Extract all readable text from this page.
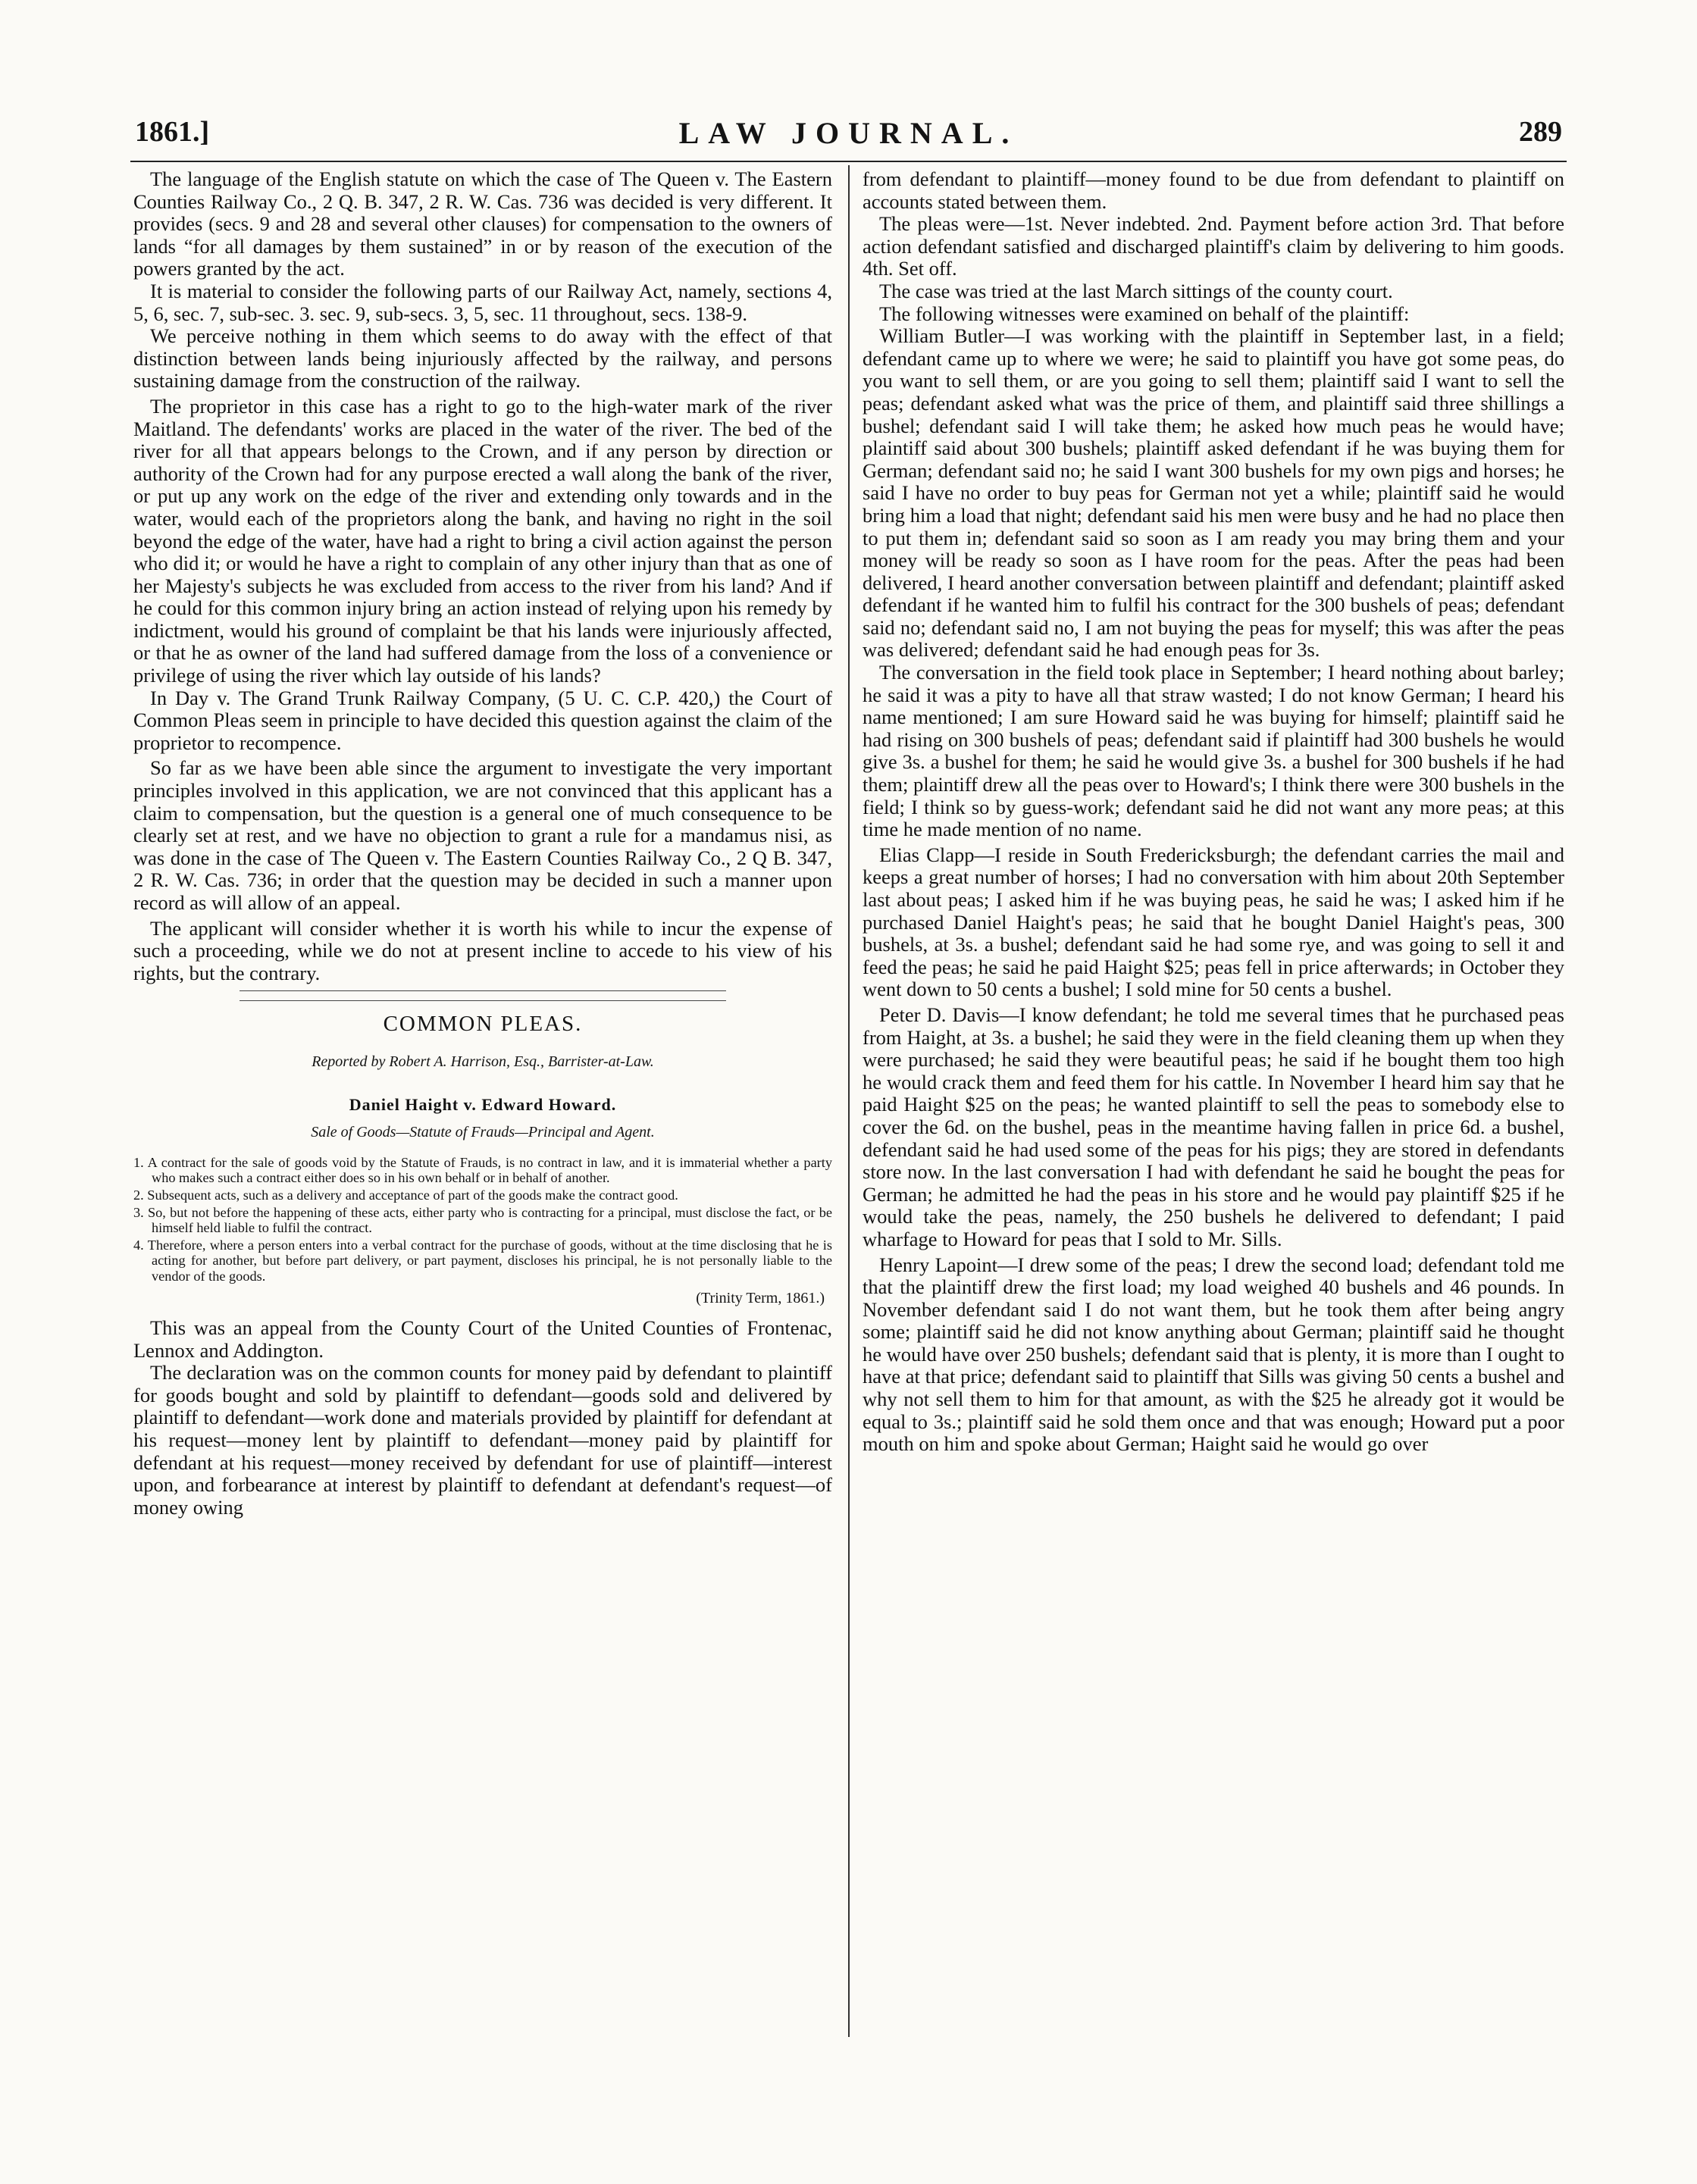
1861.]	LAW JOURNAL.	289

The language of the English statute on which the case of The Queen v. The Eastern Counties Railway Co., 2 Q. B. 347, 2 R. W. Cas. 736 was decided is very different. It provides (secs. 9 and 28 and several other clauses) for compensation to the owners of lands “for all damages by them sustained” in or by reason of the execution of the powers granted by the act.

It is material to consider the following parts of our Railway Act, namely, sections 4, 5, 6, sec. 7, sub-sec. 3. sec. 9, sub-secs. 3, 5, sec. 11 throughout, secs. 138-9.

We perceive nothing in them which seems to do away with the effect of that distinction between lands being injuriously affected by the railway, and persons sustaining damage from the construction of the railway.

The proprietor in this case has a right to go to the high-water mark of the river Maitland. The defendants' works are placed in the water of the river. The bed of the river for all that appears belongs to the Crown, and if any person by direction or authority of the Crown had for any purpose erected a wall along the bank of the river, or put up any work on the edge of the river and extending only towards and in the water, would each of the proprietors along the bank, and having no right in the soil beyond the edge of the water, have had a right to bring a civil action against the person who did it; or would he have a right to complain of any other injury than that as one of her Majesty's subjects he was excluded from access to the river from his land? And if he could for this common injury bring an action instead of relying upon his remedy by indictment, would his ground of complaint be that his lands were injuriously affected, or that he as owner of the land had suffered damage from the loss of a convenience or privilege of using the river which lay outside of his lands?

In Day v. The Grand Trunk Railway Company, (5 U. C. C.P. 420,) the Court of Common Pleas seem in principle to have decided this question against the claim of the proprietor to recompence.

So far as we have been able since the argument to investigate the very important principles involved in this application, we are not convinced that this applicant has a claim to compensation, but the question is a general one of much consequence to be clearly set at rest, and we have no objection to grant a rule for a mandamus nisi, as was done in the case of The Queen v. The Eastern Counties Railway Co., 2 Q B. 347, 2 R. W. Cas. 736; in order that the question may be decided in such a manner upon record as will allow of an appeal.

The applicant will consider whether it is worth his while to incur the expense of such a proceeding, while we do not at present incline to accede to his view of his rights, but the contrary.

COMMON PLEAS.
Reported by Robert A. Harrison, Esq., Barrister-at-Law.
Daniel Haight v. Edward Howard.
Sale of Goods—Statute of Frauds—Principal and Agent.

1. A contract for the sale of goods void by the Statute of Frauds, is no contract in law, and it is immaterial whether a party who makes such a contract either does so in his own behalf or in behalf of another.

2. Subsequent acts, such as a delivery and acceptance of part of the goods make the contract good.

3. So, but not before the happening of these acts, either party who is contracting for a principal, must disclose the fact, or be himself held liable to fulfil the contract.

4. Therefore, where a person enters into a verbal contract for the purchase of goods, without at the time disclosing that he is acting for another, but before part delivery, or part payment, discloses his principal, he is not personally liable to the vendor of the goods.

(Trinity Term, 1861.)

This was an appeal from the County Court of the United Counties of Frontenac, Lennox and Addington.

The declaration was on the common counts for money paid by defendant to plaintiff for goods bought and sold by plaintiff to defendant—goods sold and delivered by plaintiff to defendant—work done and materials provided by plaintiff for defendant at his request—money lent by plaintiff to defendant—money paid by plaintiff for defendant at his request—money received by defendant for use of plaintiff—interest upon, and forbearance at interest by plaintiff to defendant at defendant's request—of money owing

from defendant to plaintiff—money found to be due from defendant to plaintiff on accounts stated between them.

The pleas were—1st. Never indebted. 2nd. Payment before action 3rd. That before action defendant satisfied and discharged plaintiff's claim by delivering to him goods. 4th. Set off.

The case was tried at the last March sittings of the county court.

The following witnesses were examined on behalf of the plaintiff:

William Butler—I was working with the plaintiff in September last, in a field; defendant came up to where we were; he said to plaintiff you have got some peas, do you want to sell them, or are you going to sell them; plaintiff said I want to sell the peas; defendant asked what was the price of them, and plaintiff said three shillings a bushel; defendant said I will take them; he asked how much peas he would have; plaintiff said about 300 bushels; plaintiff asked defendant if he was buying them for German; defendant said no; he said I want 300 bushels for my own pigs and horses; he said I have no order to buy peas for German not yet a while; plaintiff said he would bring him a load that night; defendant said his men were busy and he had no place then to put them in; defendant said so soon as I am ready you may bring them and your money will be ready so soon as I have room for the peas. After the peas had been delivered, I heard another conversation between plaintiff and defendant; plaintiff asked defendant if he wanted him to fulfil his contract for the 300 bushels of peas; defendant said no; defendant said no, I am not buying the peas for myself; this was after the peas was delivered; defendant said he had enough peas for 3s.

The conversation in the field took place in September; I heard nothing about barley; he said it was a pity to have all that straw wasted; I do not know German; I heard his name mentioned; I am sure Howard said he was buying for himself; plaintiff said he had rising on 300 bushels of peas; defendant said if plaintiff had 300 bushels he would give 3s. a bushel for them; he said he would give 3s. a bushel for 300 bushels if he had them; plaintiff drew all the peas over to Howard's; I think there were 300 bushels in the field; I think so by guess-work; defendant said he did not want any more peas; at this time he made mention of no name.

Elias Clapp—I reside in South Fredericksburgh; the defendant carries the mail and keeps a great number of horses; I had no conversation with him about 20th September last about peas; I asked him if he was buying peas, he said he was; I asked him if he purchased Daniel Haight's peas; he said that he bought Daniel Haight's peas, 300 bushels, at 3s. a bushel; defendant said he had some rye, and was going to sell it and feed the peas; he said he paid Haight $25; peas fell in price afterwards; in October they went down to 50 cents a bushel; I sold mine for 50 cents a bushel.

Peter D. Davis—I know defendant; he told me several times that he purchased peas from Haight, at 3s. a bushel; he said they were in the field cleaning them up when they were purchased; he said they were beautiful peas; he said if he bought them too high he would crack them and feed them for his cattle. In November I heard him say that he paid Haight $25 on the peas; he wanted plaintiff to sell the peas to somebody else to cover the 6d. on the bushel, peas in the meantime having fallen in price 6d. a bushel, defendant said he had used some of the peas for his pigs; they are stored in defendants store now. In the last conversation I had with defendant he said he bought the peas for German; he admitted he had the peas in his store and he would pay plaintiff $25 if he would take the peas, namely, the 250 bushels he delivered to defendant; I paid wharfage to Howard for peas that I sold to Mr. Sills.

Henry Lapoint—I drew some of the peas; I drew the second load; defendant told me that the plaintiff drew the first load; my load weighed 40 bushels and 46 pounds. In November defendant said I do not want them, but he took them after being angry some; plaintiff said he did not know anything about German; plaintiff said he thought he would have over 250 bushels; defendant said that is plenty, it is more than I ought to have at that price; defendant said to plaintiff that Sills was giving 50 cents a bushel and why not sell them to him for that amount, as with the $25 he already got it would be equal to 3s.; plaintiff said he sold them once and that was enough; Howard put a poor mouth on him and spoke about German; Haight said he would go over
